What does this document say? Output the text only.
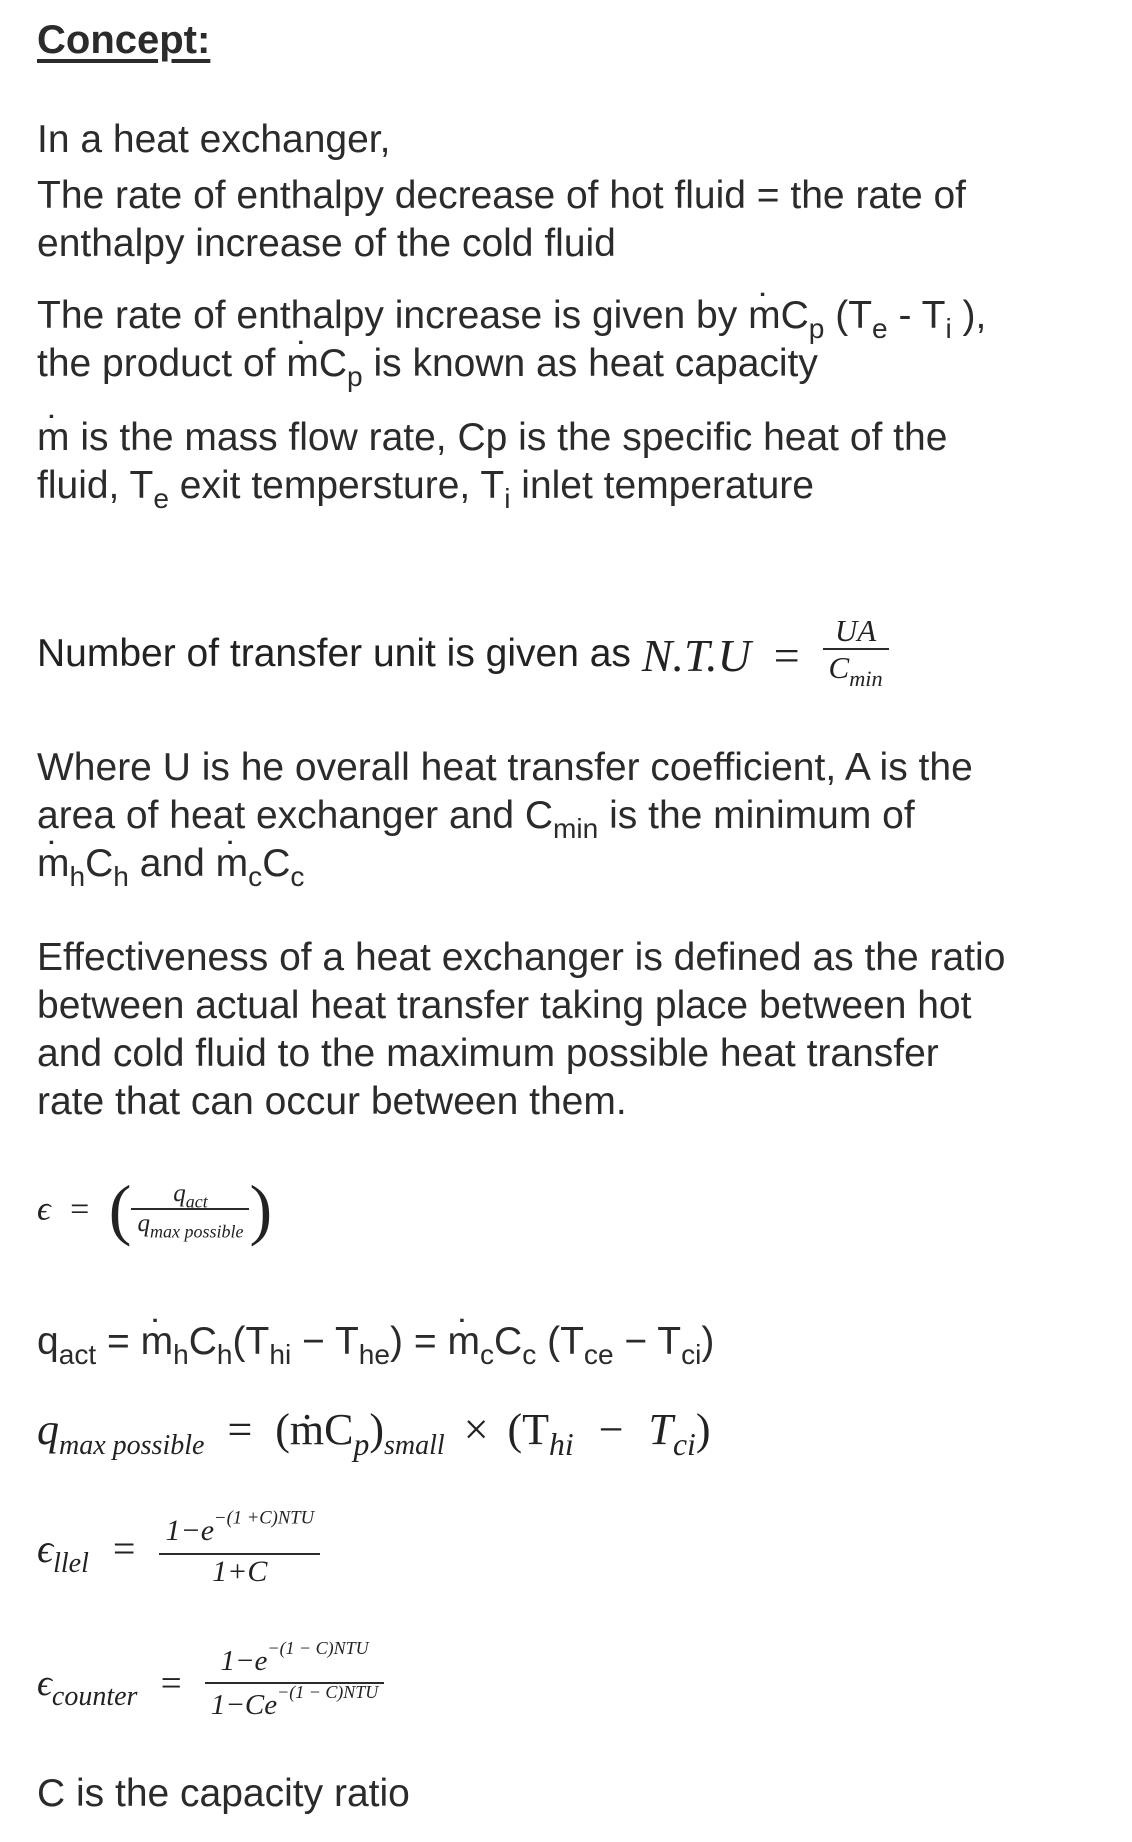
Concept:

In a heat exchanger,

The rate of enthalpy decrease of hot fluid = the rate of

enthalpy increase of the cold fluid

The rate of enthalpy increase is given by m $˙C_p$ ($T_e - T_i$ ),

the product of m $˙C_p$ is known as heat capacity

m ˙ is the mass flow rate, Cp is the specific heat of the

fluid, $T_e$ exit tempersture, $T_i$ inlet temperature

Number of transfer unit is given as $N.T.U = \frac{UA}{C_{min}}$

Where U is he overall heat transfer coefficient, A is the

area of heat exchanger and $C_{min}$ is the minimum of

m $˙_hC_h$ and m $˙_cC_c$

Effectiveness of a heat exchanger is defined as the ratio

between actual heat transfer taking place between hot

and cold fluid to the maximum possible heat transfer

rate that can occur between them.

ϵ = ( $\frac{q_{act}}{q_{max possible}}$ )

$q_{act} = m$ $˙_hC_h(T_{hi} - T_{he}) = m$ $˙_cC_c$ $(T_{ce} - T_{ci})$

$q_{max possible}$ = $(ṁC_p)_{small} \times (T_{hi} - T_{ci})$
$\epsilon_{llel} = \frac{1-e^{-(1 +C)NTU}}{1+C}$
$\epsilon_{counter} = \frac{1-e^{-(1 - C)NTU}}{1-Ce^{-(1 - C)NTU}}$

C is the capacity ratio
